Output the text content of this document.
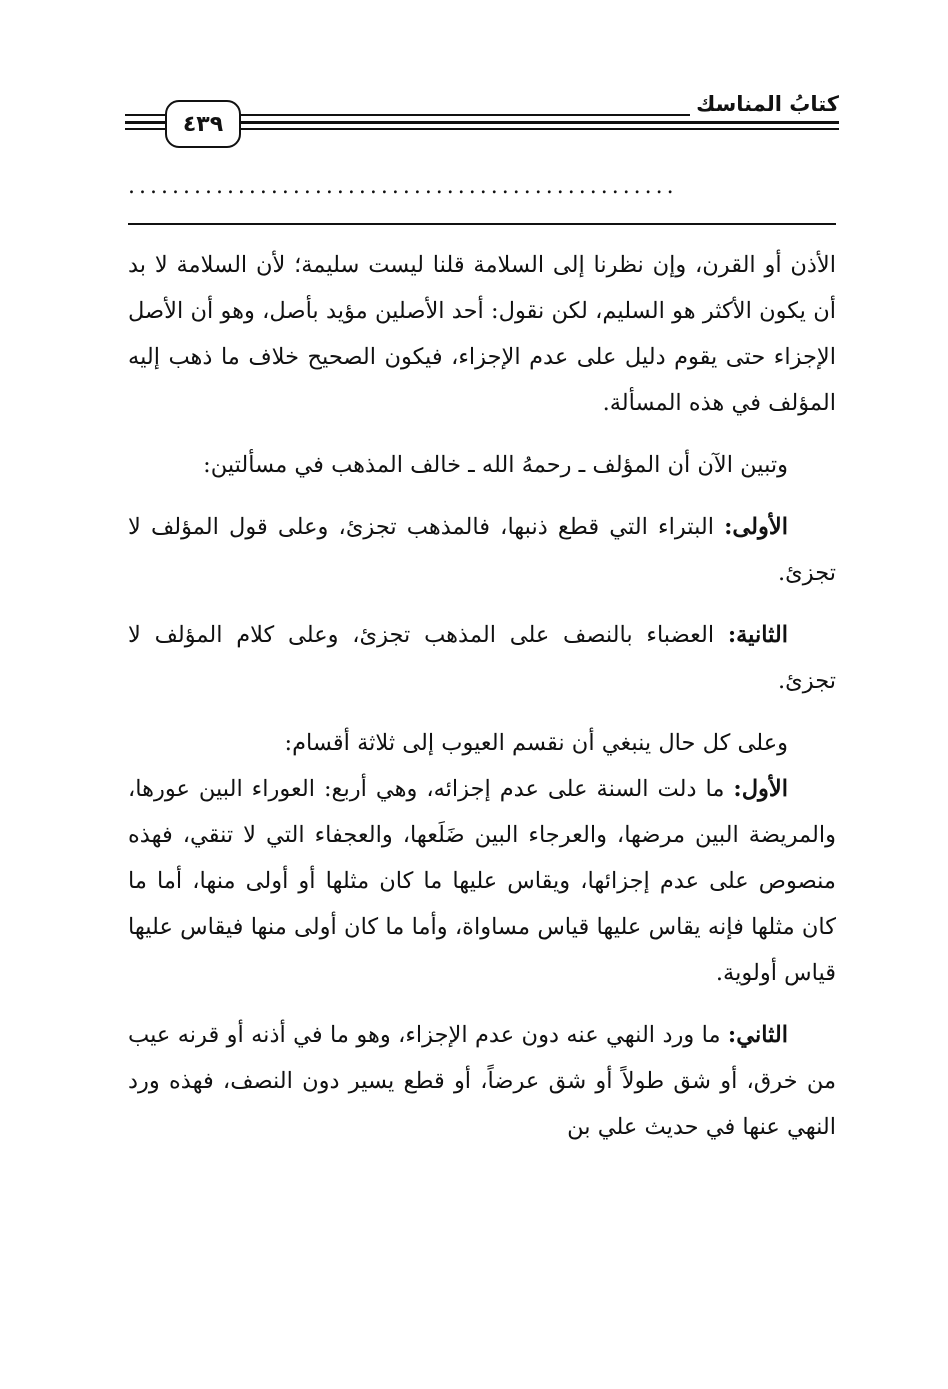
٤٣٩
كتابُ المناسك
..................................................

الأذن أو القرن، وإن نظرنا إلى السلامة قلنا ليست سليمة؛ لأن السلامة لا بد أن يكون الأكثر هو السليم، لكن نقول: أحد الأصلين مؤيد بأصل، وهو أن الأصل الإجزاء حتى يقوم دليل على عدم الإجزاء، فيكون الصحيح خلاف ما ذهب إليه المؤلف في هذه المسألة.

وتبين الآن أن المؤلف ـ رحمهُ الله ـ خالف المذهب في مسألتين:

الأولى: البتراء التي قطع ذنبها، فالمذهب تجزئ، وعلى قول المؤلف لا تجزئ.

الثانية: العضباء بالنصف على المذهب تجزئ، وعلى كلام المؤلف لا تجزئ.

وعلى كل حال ينبغي أن نقسم العيوب إلى ثلاثة أقسام:

الأول: ما دلت السنة على عدم إجزائه، وهي أربع: العوراء البين عورها، والمريضة البين مرضها، والعرجاء البين ضَلَعها، والعجفاء التي لا تنقي، فهذه منصوص على عدم إجزائها، ويقاس عليها ما كان مثلها أو أولى منها، أما ما كان مثلها فإنه يقاس عليها قياس مساواة، وأما ما كان أولى منها فيقاس عليها قياس أولوية.

الثاني: ما ورد النهي عنه دون عدم الإجزاء، وهو ما في أذنه أو قرنه عيب من خرق، أو شق طولاً أو شق عرضاً، أو قطع يسير دون النصف، فهذه ورد النهي عنها في حديث علي بن
